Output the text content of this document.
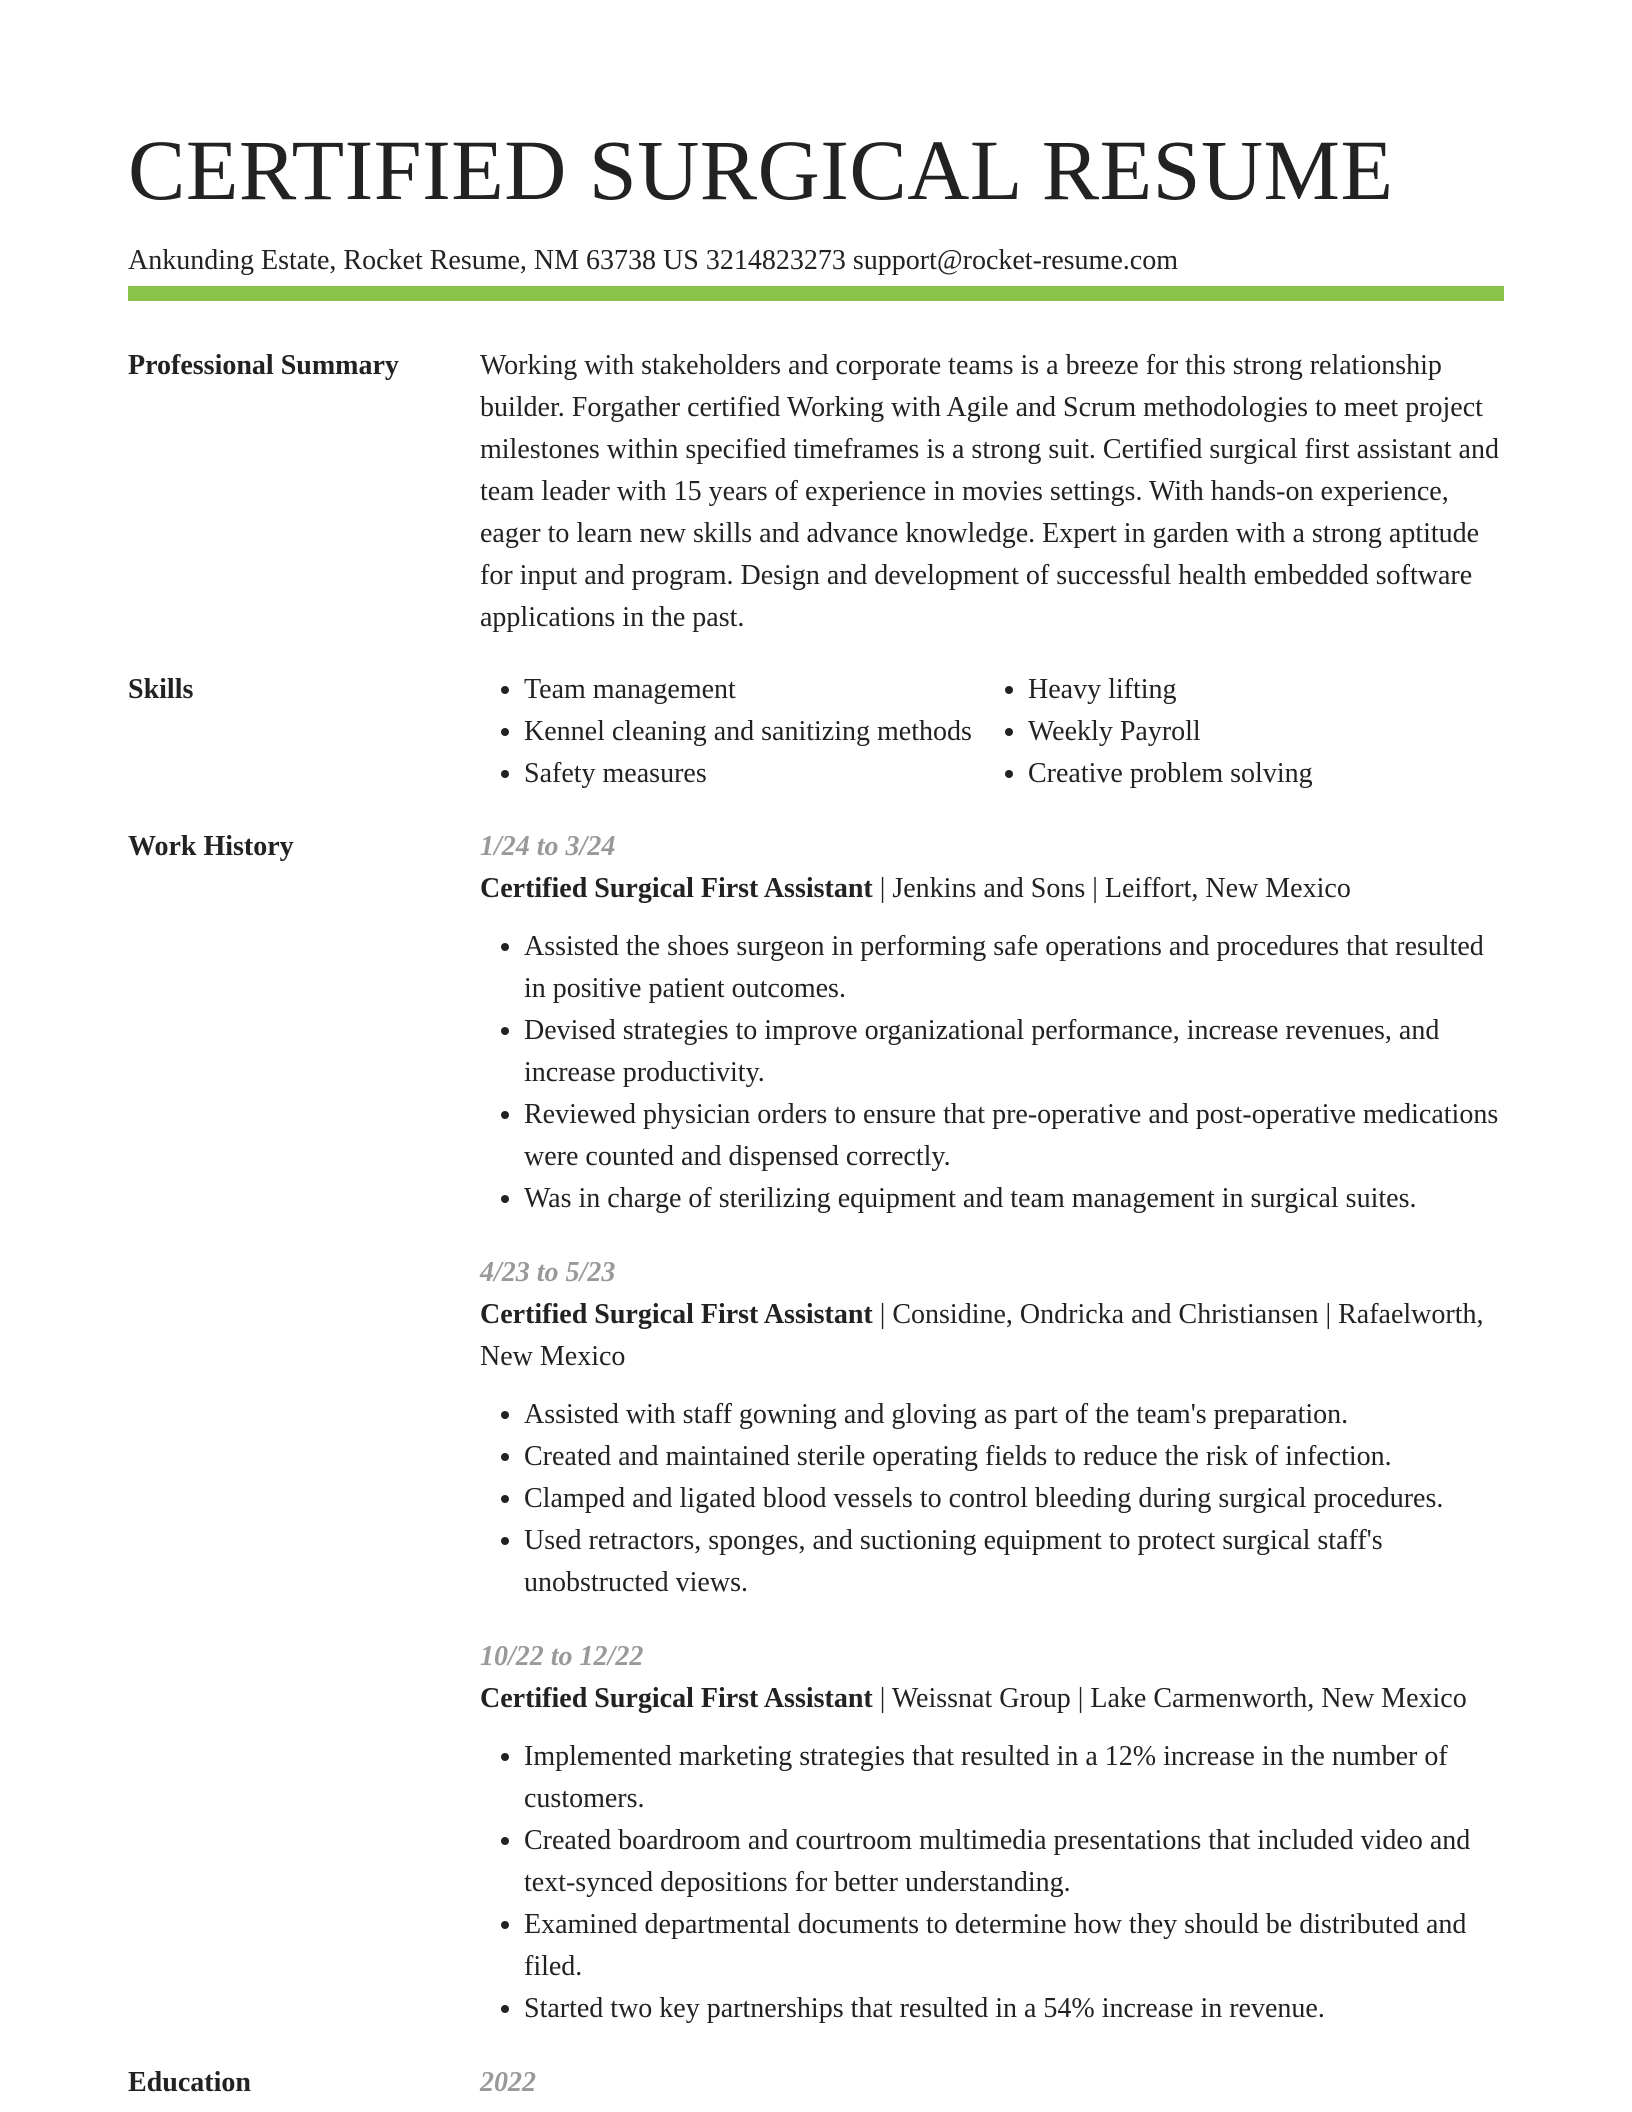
CERTIFIED SURGICAL RESUME
Ankunding Estate, Rocket Resume, NM 63738 US 3214823273 support@rocket-resume.com
Professional Summary	Working with stakeholders and corporate teams is a breeze for this strong relationship builder. Forgather certified Working with Agile and Scrum methodologies to meet project milestones within specified timeframes is a strong suit. Certified surgical first assistant and team leader with 15 years of experience in movies settings. With hands-on experience, eager to learn new skills and advance knowledge. Expert in garden with a strong aptitude for input and program. Design and development of successful health embedded software applications in the past.

Skills
•	Team management
• Kennel cleaning and sanitizing methods
• Safety measures
• Heavy lifting
• Weekly Payroll
• Creative problem solving
Work History	1/24 to 3/24

Certified Surgical First Assistant | Jenkins and Sons | Leiffort, New Mexico

• Assisted the shoes surgeon in performing safe operations and procedures that resulted in positive patient outcomes.
• Devised strategies to improve organizational performance, increase revenues, and increase productivity.
• Reviewed physician orders to ensure that pre-operative and post-operative medications were counted and dispensed correctly.
• Was in charge of sterilizing equipment and team management in surgical suites.
4/23 to 5/23

Certified Surgical First Assistant | Considine, Ondricka and Christiansen | Rafaelworth, New Mexico

• Assisted with staff gowning and gloving as part of the team's preparation.
• Created and maintained sterile operating fields to reduce the risk of infection.
• Clamped and ligated blood vessels to control bleeding during surgical procedures.
• Used retractors, sponges, and suctioning equipment to protect surgical staff's unobstructed views.
10/22 to 12/22

Certified Surgical First Assistant | Weissnat Group | Lake Carmenworth, New Mexico

• Implemented marketing strategies that resulted in a 12% increase in the number of customers.
• Created boardroom and courtroom multimedia presentations that included video and text-synced depositions for better understanding.
• Examined departmental documents to determine how they should be distributed and filed.
• Started two key partnerships that resulted in a 54% increase in revenue.
Education	2022
